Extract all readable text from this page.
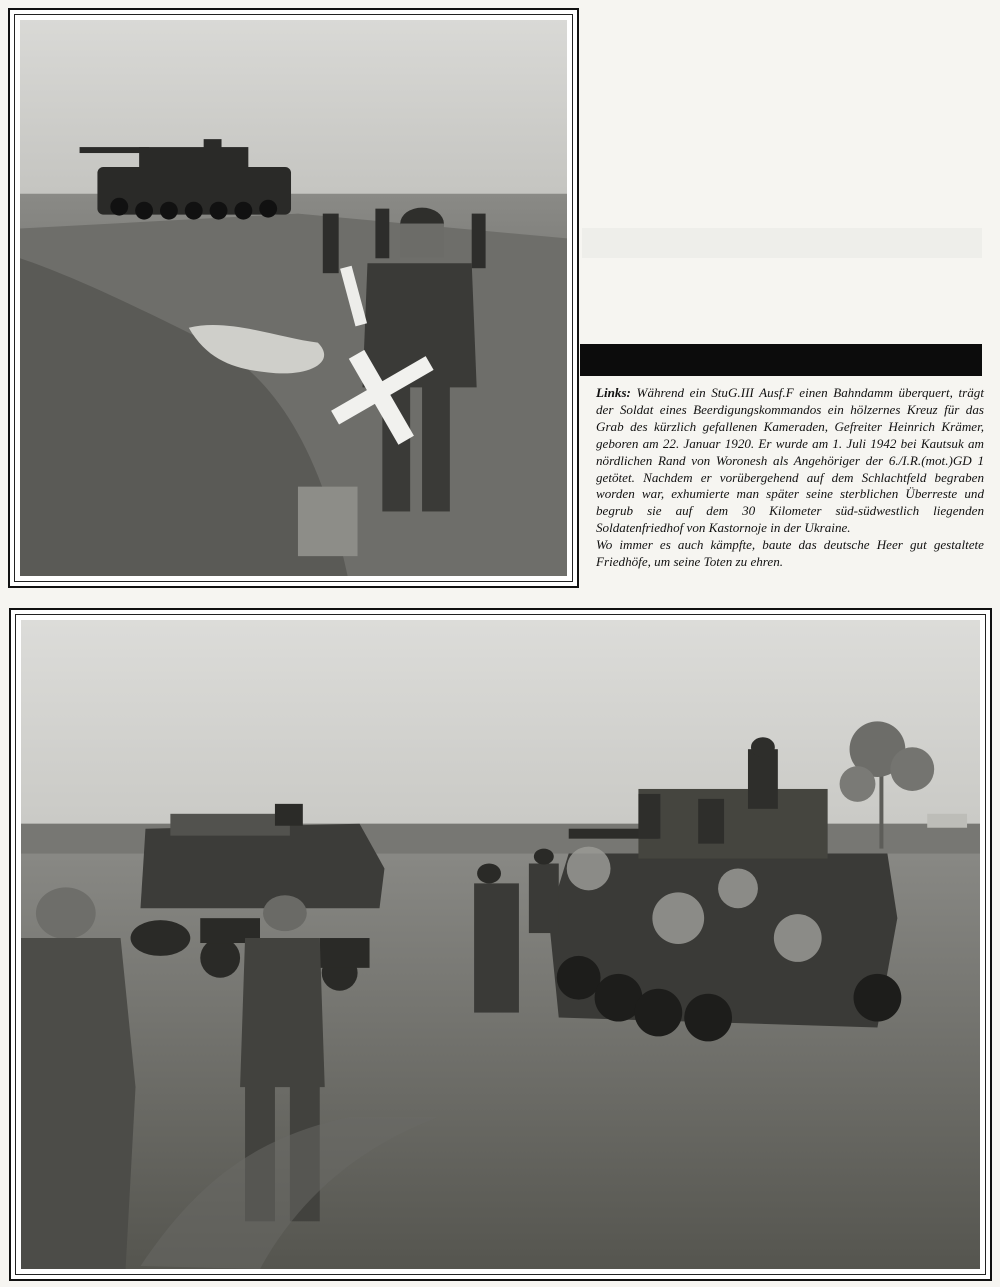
Links: Während ein StuG.III Ausf.F einen Bahndamm überquert, trägt der Soldat eines Beerdigungskommandos ein hölzernes Kreuz für das Grab des kürzlich gefallenen Kameraden, Gefreiter Heinrich Krämer, geboren am 22. Januar 1920. Er wurde am 1. Juli 1942 bei Kautsuk am nördlichen Rand von Woronesh als Angehöriger der 6./I.R.(mot.)GD 1 getötet. Nachdem er vorübergehend auf dem Schlachtfeld begraben worden war, exhumierte man später seine sterblichen Überreste und begrub sie auf dem 30 Kilometer süd-südwestlich liegenden Soldatenfriedhof von Kastornoje in der Ukraine.

Wo immer es auch kämpfte, baute das deutsche Heer gut gestaltete Friedhöfe, um seine Toten zu ehren.
